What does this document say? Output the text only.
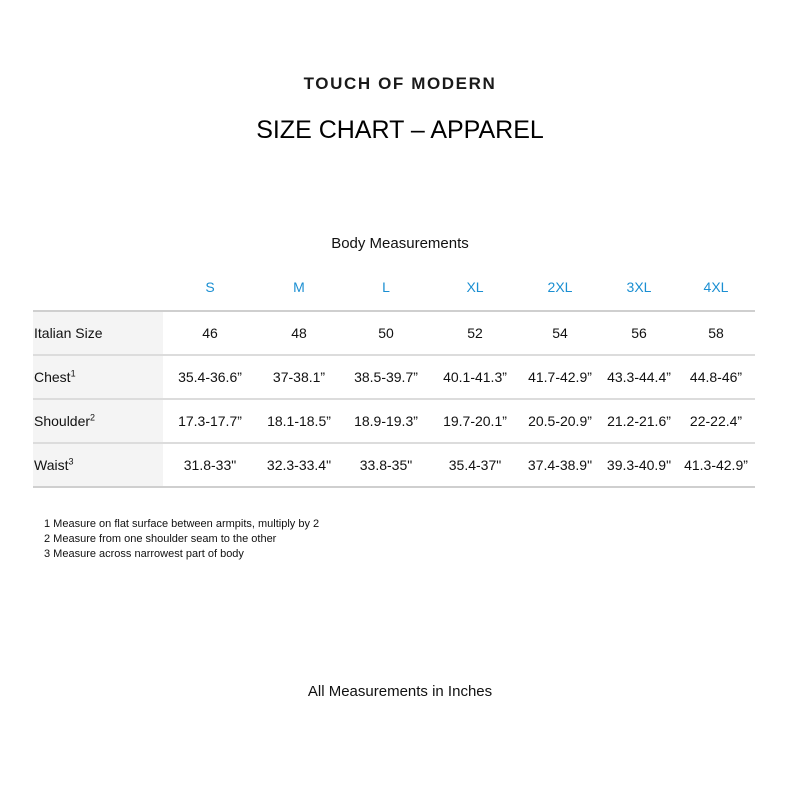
TOUCH OF MODERN
SIZE CHART – APPAREL
Body Measurements
	S	M	L	XL	2XL	3XL	4XL
Italian Size	46	48	50	52	54	56	58
Chest$^1$	35.4-36.6”	37-38.1”	38.5-39.7”	40.1-41.3”	41.7-42.9”	43.3-44.4”	44.8-46”
Shoulder$^2$	17.3-17.7”	18.1-18.5”	18.9-19.3”	19.7-20.1”	20.5-20.9”	21.2-21.6”	22-22.4”
Waist$^3$	31.8-33"	32.3-33.4"	33.8-35"	35.4-37"	37.4-38.9"	39.3-40.9"	41.3-42.9”
1 Measure on flat surface between armpits, multiply by 2
2 Measure from one shoulder seam to the other
3 Measure across narrowest part of body
All Measurements in Inches
